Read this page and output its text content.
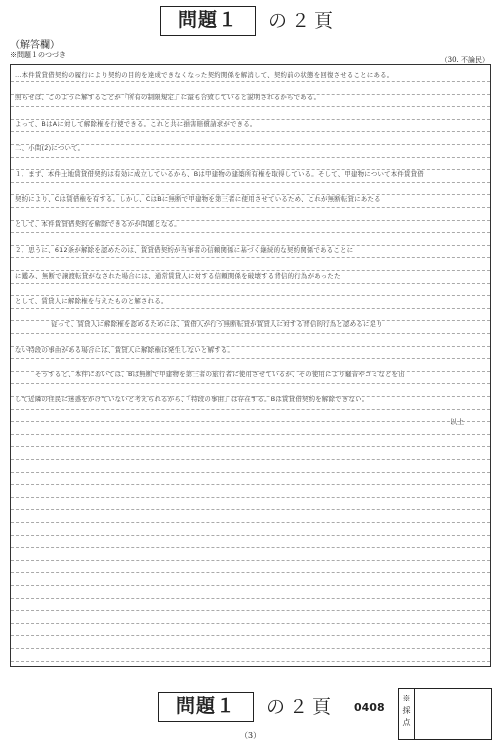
問題１	の２頁
（解答欄）
※問題１のつづき
（30. 不論民）
…本件賃貸借契約の履行により契約の目的を達成できなくなった契約関係を解消して、契約前の状態を回復させることにある。
照らせば、このように解することが「所有の制限規定」に最も合致していると説明されるからである。
よって、BはAに対して解除権を行使できる。これと共に損害賠償請求ができる。
二、小問(2)について。
１．まず、本件土地賃貸借契約は有効に成立しているから、Bは甲建物の建築所有権を取得している。そして、甲建物について本件賃貸借
契約により、Cは賃借権を有する。しかし、CはBに無断で甲建物を第三者に使用させているため、これが無断転貸にあたる
として、本件賃貸借契約を解除できるかが問題となる。
２．思うに、612条が解除を認めたのは、賃貸借契約が当事者の信頼関係に基づく継続的な契約関係であることに
に鑑み、無断で譲渡転貸がなされた場合には、通常賃貸人に対する信頼関係を破壊する背信的行為があったた
として、賃貸人に解除権を与えたものと解される。
従って、賃貸人に解除権を認めるためには、賃借人が行う無断転貸が賃貸人に対する背信的行為と認めるに足り
ない特段の事由がある場合には、賃貸人に解除権は発生しないと解する。
そうすると、本件においては、Bは無断で甲建物を第三者の旅行者に使用させているが、その使用により騒音やゴミなどを出
して近隣の住民に迷惑をかけていないと考えられるから、「特段の事由」は存在する。Bは賃貸借契約を解除できない。
以上
問題１	の２頁 0408
（3）
※採点
